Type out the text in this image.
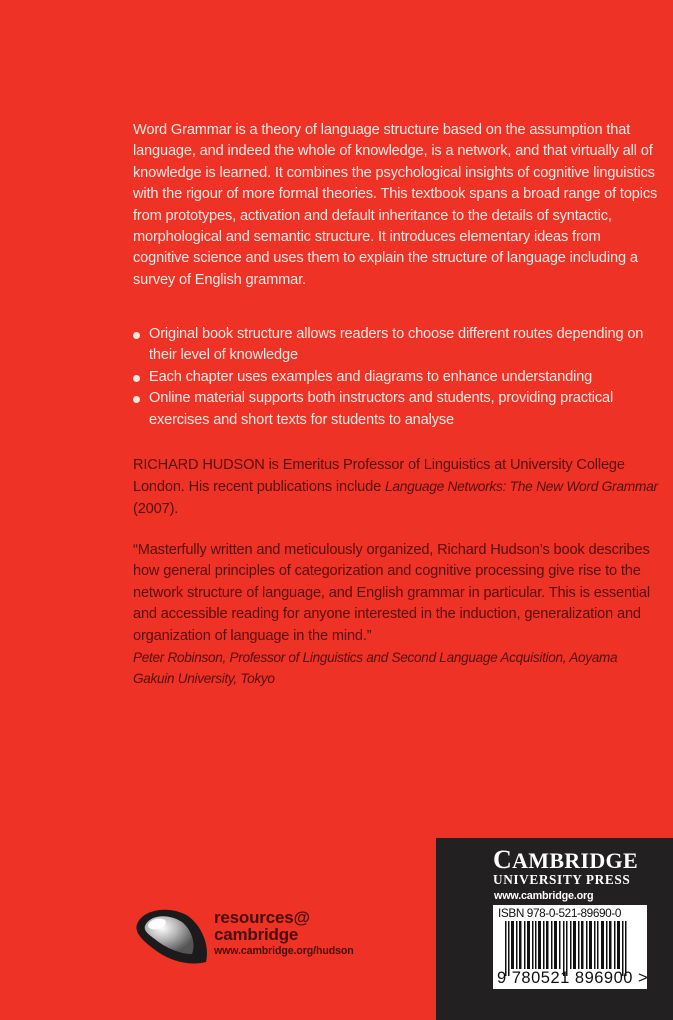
Word Grammar is a theory of language structure based on the assumption that language, and indeed the whole of knowledge, is a network, and that virtually all of knowledge is learned. It combines the psychological insights of cognitive linguistics with the rigour of more formal theories. This textbook spans a broad range of topics from prototypes, activation and default inheritance to the details of syntactic, morphological and semantic structure. It introduces elementary ideas from cognitive science and uses them to explain the structure of language including a survey of English grammar.

Original book structure allows readers to choose different routes depending on their level of knowledge
Each chapter uses examples and diagrams to enhance understanding
Online material supports both instructors and students, providing practical exercises and short texts for students to analyse

RICHARD HUDSON is Emeritus Professor of Linguistics at University College London. His recent publications include Language Networks: The New Word Grammar (2007).

“Masterfully written and meticulously organized, Richard Hudson’s book describes how general principles of categorization and cognitive processing give rise to the network structure of language, and English grammar in particular. This is essential and accessible reading for anyone interested in the induction, generalization and organization of language in the mind.”
Peter Robinson, Professor of Linguistics and Second Language Acquisition, Aoyama Gakuin University, Tokyo
resources@
cambridge
www.cambridge.org/hudson
CAMBRIDGE
UNIVERSITY PRESS
www.cambridge.org
ISBN 978-0-521-89690-0
9 780521 896900 >
